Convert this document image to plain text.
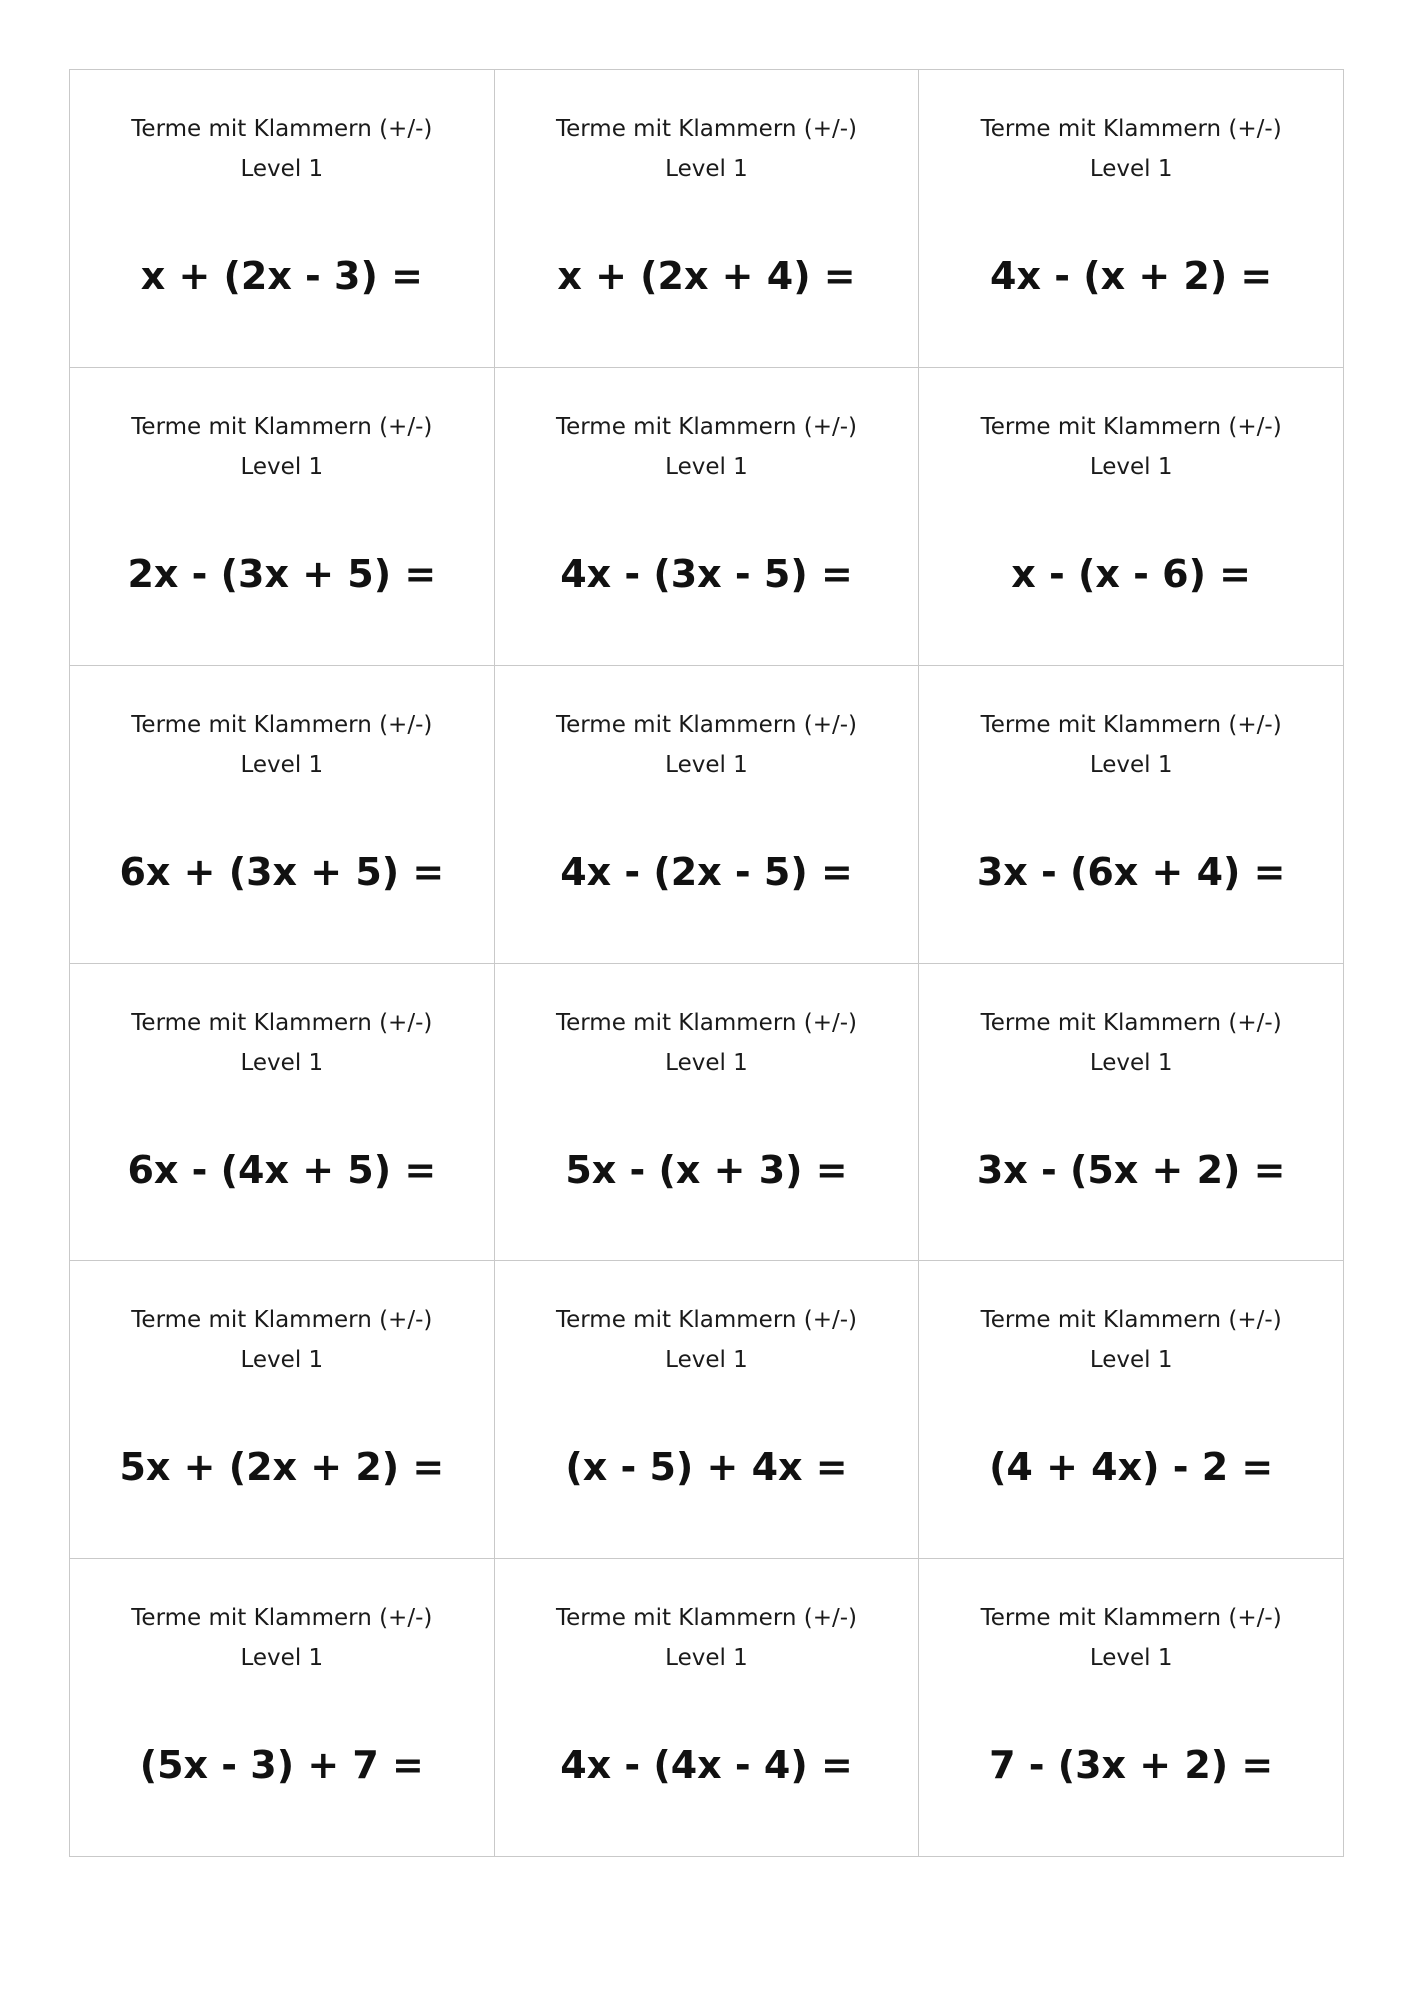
Terme mit Klammern (+/-)
Level 1
x + (2x - 3) =
Terme mit Klammern (+/-)
Level 1
x + (2x + 4) =
Terme mit Klammern (+/-)
Level 1
4x - (x + 2) =
Terme mit Klammern (+/-)
Level 1
2x - (3x + 5) =
Terme mit Klammern (+/-)
Level 1
4x - (3x - 5) =
Terme mit Klammern (+/-)
Level 1
x - (x - 6) =
Terme mit Klammern (+/-)
Level 1
6x + (3x + 5) =
Terme mit Klammern (+/-)
Level 1
4x - (2x - 5) =
Terme mit Klammern (+/-)
Level 1
3x - (6x + 4) =
Terme mit Klammern (+/-)
Level 1
6x - (4x + 5) =
Terme mit Klammern (+/-)
Level 1
5x - (x + 3) =
Terme mit Klammern (+/-)
Level 1
3x - (5x + 2) =
Terme mit Klammern (+/-)
Level 1
5x + (2x + 2) =
Terme mit Klammern (+/-)
Level 1
(x - 5) + 4x =
Terme mit Klammern (+/-)
Level 1
(4 + 4x) - 2 =
Terme mit Klammern (+/-)
Level 1
(5x - 3) + 7 =
Terme mit Klammern (+/-)
Level 1
4x - (4x - 4) =
Terme mit Klammern (+/-)
Level 1
7 - (3x + 2) =
